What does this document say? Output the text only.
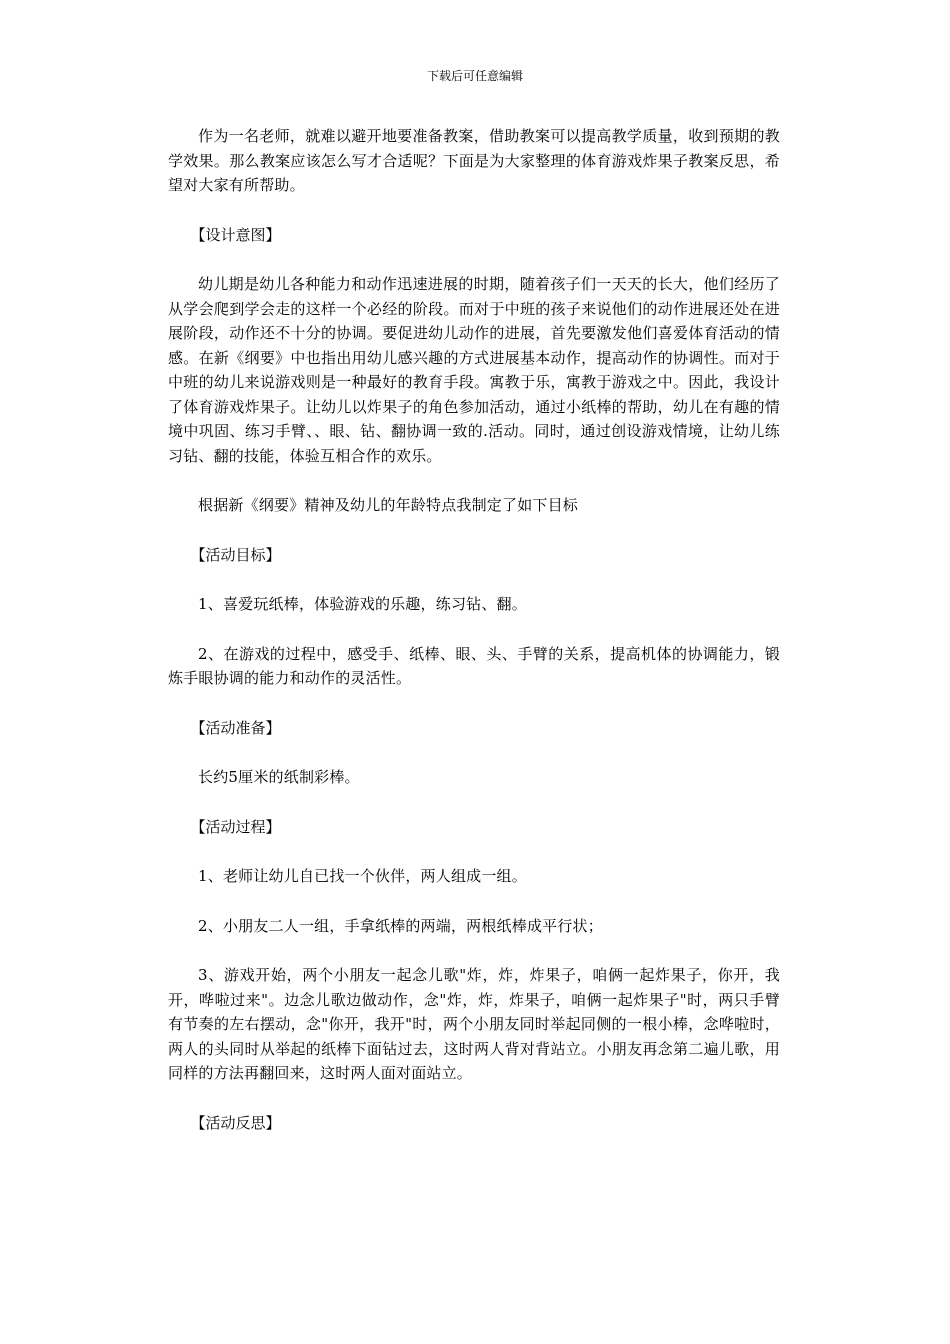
下载后可任意编辑

作为一名老师，就难以避开地要准备教案，借助教案可以提高教学质量，收到预期的教学效果。那么教案应该怎么写才合适呢？下面是为大家整理的体育游戏炸果子教案反思，希望对大家有所帮助。

【设计意图】

幼儿期是幼儿各种能力和动作迅速进展的时期，随着孩子们一天天的长大，他们经历了从学会爬到学会走的这样一个必经的阶段。而对于中班的孩子来说他们的动作进展还处在进展阶段，动作还不十分的协调。要促进幼儿动作的进展，首先要激发他们喜爱体育活动的情感。在新《纲要》中也指出用幼儿感兴趣的方式进展基本动作，提高动作的协调性。而对于中班的幼儿来说游戏则是一种最好的教育手段。寓教于乐，寓教于游戏之中。因此，我设计了体育游戏炸果子。让幼儿以炸果子的角色参加活动，通过小纸棒的帮助，幼儿在有趣的情境中巩固、练习手臂、、眼、钻、翻协调一致的.活动。同时，通过创设游戏情境，让幼儿练习钻、翻的技能，体验互相合作的欢乐。

根据新《纲要》精神及幼儿的年龄特点我制定了如下目标

【活动目标】

1、喜爱玩纸棒，体验游戏的乐趣，练习钻、翻。

2、在游戏的过程中，感受手、纸棒、眼、头、手臂的关系，提高机体的协调能力，锻炼手眼协调的能力和动作的灵活性。

【活动准备】

长约5厘米的纸制彩棒。

【活动过程】

1、老师让幼儿自已找一个伙伴，两人组成一组。

2、小朋友二人一组，手拿纸棒的两端，两根纸棒成平行状；

3、游戏开始，两个小朋友一起念儿歌"炸，炸，炸果子，咱俩一起炸果子，你开，我开，哗啦过来"。边念儿歌边做动作，念"炸，炸，炸果子，咱俩一起炸果子"时，两只手臂有节奏的左右摆动，念"你开，我开"时，两个小朋友同时举起同侧的一根小棒，念哗啦时，两人的头同时从举起的纸棒下面钻过去，这时两人背对背站立。小朋友再念第二遍儿歌，用同样的方法再翻回来，这时两人面对面站立。

【活动反思】
